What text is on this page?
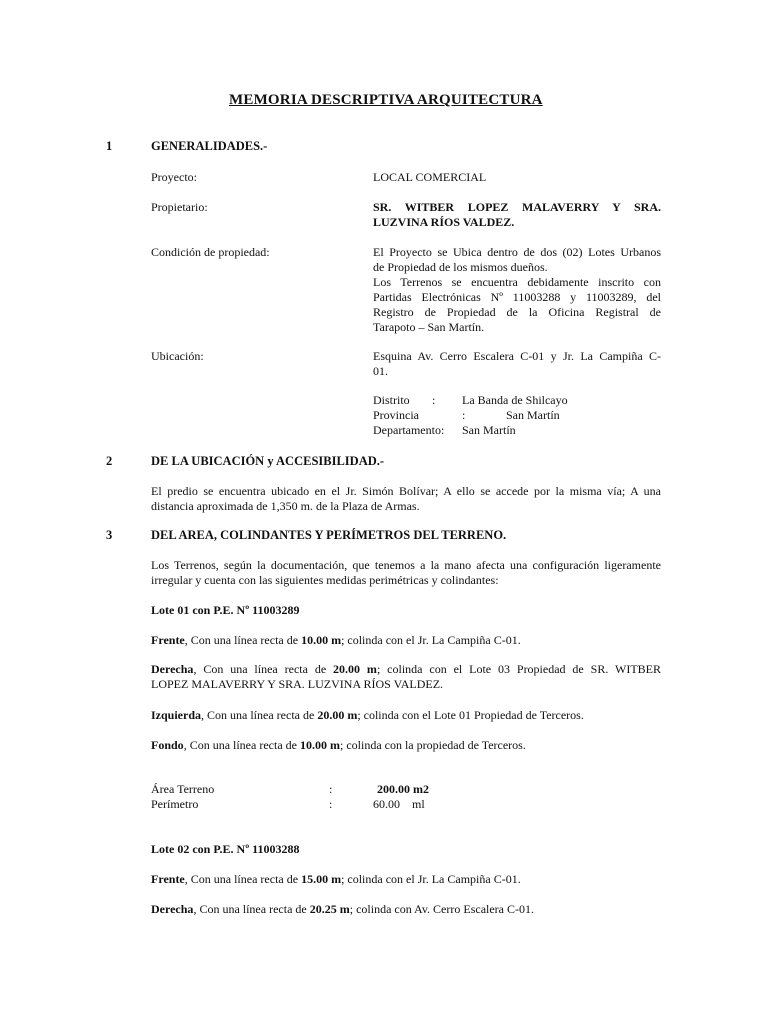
MEMORIA DESCRIPTIVA ARQUITECTURA
1	GENERALIDADES.-
Proyecto:	LOCAL COMERCIAL
Propietario:	SR. WITBER LOPEZ MALAVERRY Y SRA.
LUZVINA RÍOS VALDEZ.
Condición de propiedad:	El Proyecto se Ubica dentro de dos (02) Lotes Urbanos
de Propiedad de los mismos dueños.
Los Terrenos se encuentra debidamente inscrito con
Partidas Electrónicas Nº 11003288 y 11003289, del
Registro de Propiedad de la Oficina Registral de
Tarapoto – San Martín.
Ubicación:	Esquina Av. Cerro Escalera C-01 y Jr. La Campiña C-
01.
Distrito : La Banda de Shilcayo
Provincia	:	San Martín
Departamento: San Martín
2	DE LA UBICACIÓN y ACCESIBILIDAD.-
El predio se encuentra ubicado en el Jr. Simón Bolívar; A ello se accede por la misma vía; A una
distancia aproximada de 1,350 m. de la Plaza de Armas.
3	DEL AREA, COLINDANTES Y PERÍMETROS DEL TERRENO.
Los Terrenos, según la documentación, que tenemos a la mano afecta una configuración ligeramente
irregular y cuenta con las siguientes medidas perimétricas y colindantes:
Lote 01 con P.E. Nº 11003289
Frente, Con una línea recta de 10.00 m; colinda con el Jr. La Campiña C-01.
Derecha, Con una línea recta de 20.00 m; colinda con el Lote 03 Propiedad de SR. WITBER
LOPEZ MALAVERRY Y SRA. LUZVINA RÍOS VALDEZ.
Izquierda, Con una línea recta de 20.00 m; colinda con el Lote 01 Propiedad de Terceros.
Fondo, Con una línea recta de 10.00 m; colinda con la propiedad de Terceros.
Área Terreno	:	200.00 m2
Perímetro	:	60.00    ml
Lote 02 con P.E. Nº 11003288
Frente, Con una línea recta de 15.00 m; colinda con el Jr. La Campiña C-01.
Derecha, Con una línea recta de 20.25 m; colinda con Av. Cerro Escalera C-01.
